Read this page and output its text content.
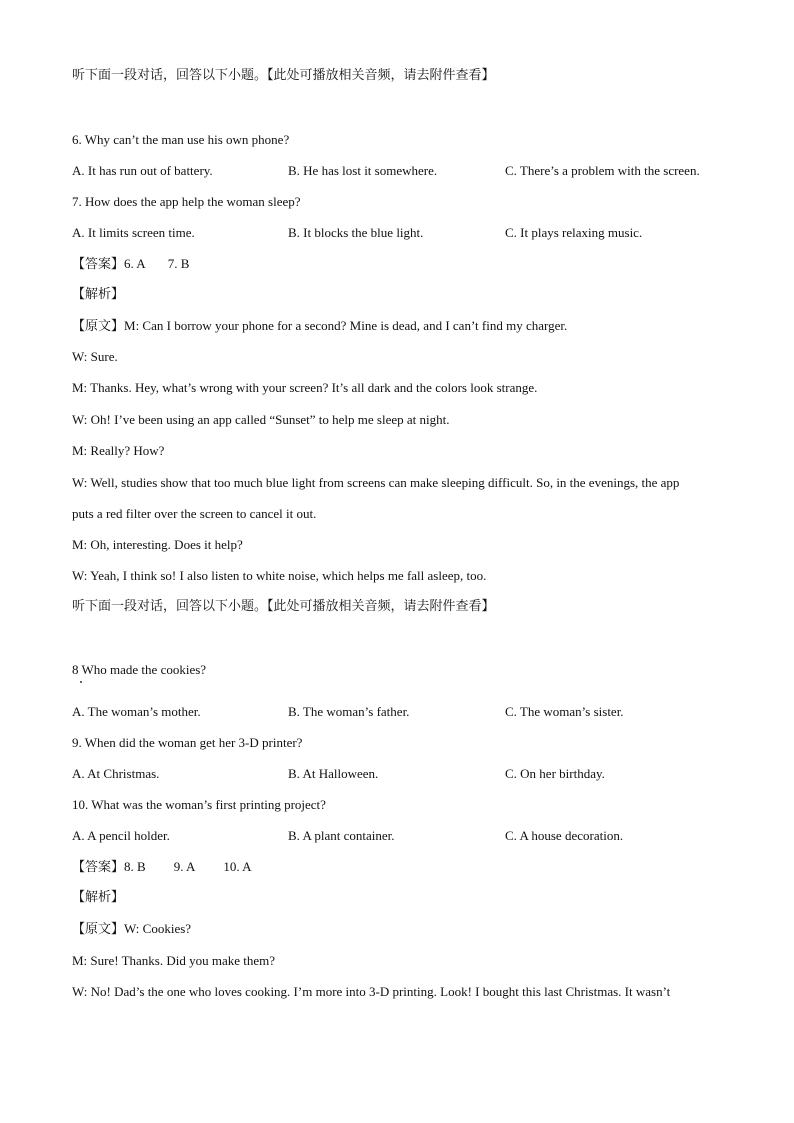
听下面一段对话，回答以下小题。【此处可播放相关音频，请去附件查看】
6. Why can’t the man use his own phone?
A. It has run out of battery.	B. He has lost it somewhere.	C. There’s a problem with the screen.
7. How does the app help the woman sleep?
A. It limits screen time.	B. It blocks the blue light.	C. It plays relaxing music.
【答案】6. A 7. B
【解析】
【原文】M: Can I borrow your phone for a second? Mine is dead, and I can’t find my charger.
W: Sure.
M: Thanks. Hey, what’s wrong with your screen? It’s all dark and the colors look strange.
W: Oh! I’ve been using an app called “Sunset” to help me sleep at night.
M: Really? How?
W: Well, studies show that too much blue light from screens can make sleeping difficult. So, in the evenings, the app
puts a red filter over the screen to cancel it out.
M: Oh, interesting. Does it help?
W: Yeah, I think so! I also listen to white noise, which helps me fall asleep, too.
听下面一段对话，回答以下小题。【此处可播放相关音频，请去附件查看】
8 Who made the cookies?
A. The woman’s mother.	B. The woman’s father.	C. The woman’s sister.
9. When did the woman get her 3-D printer?
A. At Christmas.	B. At Halloween.	C. On her birthday.
10. What was the woman’s first printing project?
A. A pencil holder.	B. A plant container.	C. A house decoration.
【答案】8. B 9. A 10. A
【解析】
【原文】W: Cookies?
M: Sure! Thanks. Did you make them?
W: No! Dad’s the one who loves cooking. I’m more into 3-D printing. Look! I bought this last Christmas. It wasn’t
